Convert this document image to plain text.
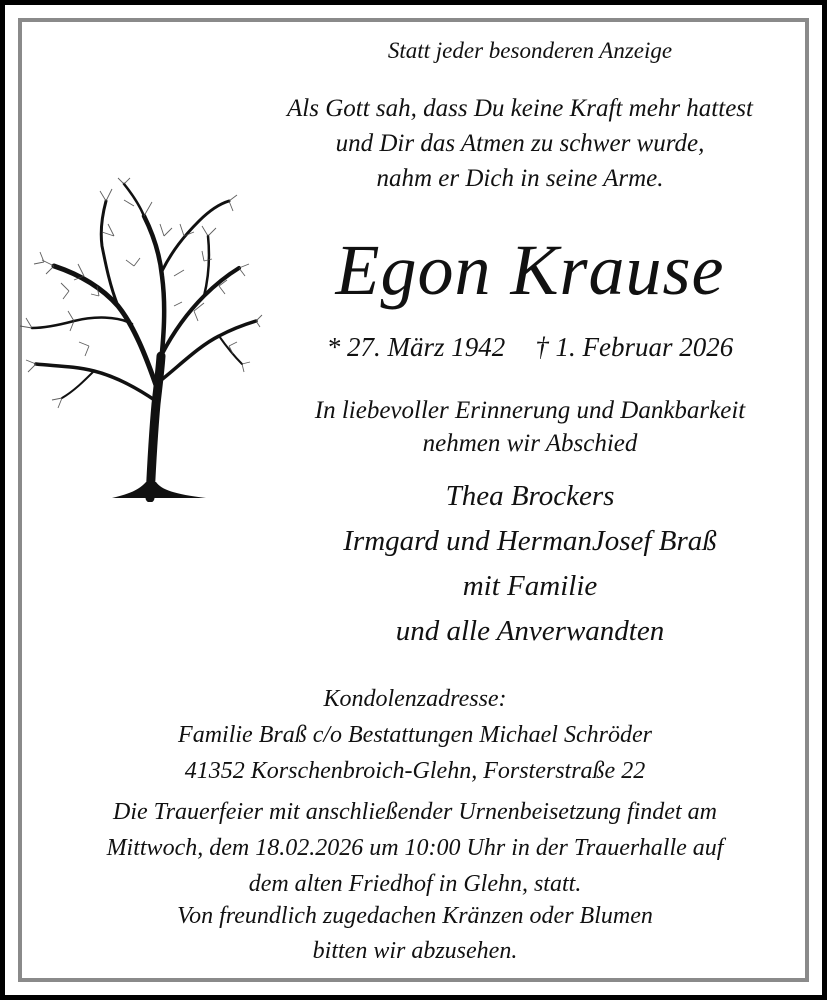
Statt jeder besonderen Anzeige
Als Gott sah, dass Du keine Kraft mehr hattest
und Dir das Atmen zu schwer wurde,
nahm er Dich in seine Arme.
Egon Krause
* 27. März 1942 † 1. Februar 2026
In liebevoller Erinnerung und Dankbarkeit
nehmen wir Abschied
Thea Brockers
Irmgard und HermanJosef Braß
mit Familie
und alle Anverwandten
Kondolenzadresse:
Familie Braß c/o Bestattungen Michael Schröder
41352 Korschenbroich-Glehn, Forsterstraße 22
Die Trauerfeier mit anschließender Urnenbeisetzung findet am
Mittwoch, dem 18.02.2026 um 10:00 Uhr in der Trauerhalle auf
dem alten Friedhof in Glehn, statt.
Von freundlich zugedachen Kränzen oder Blumen
bitten wir abzusehen.
